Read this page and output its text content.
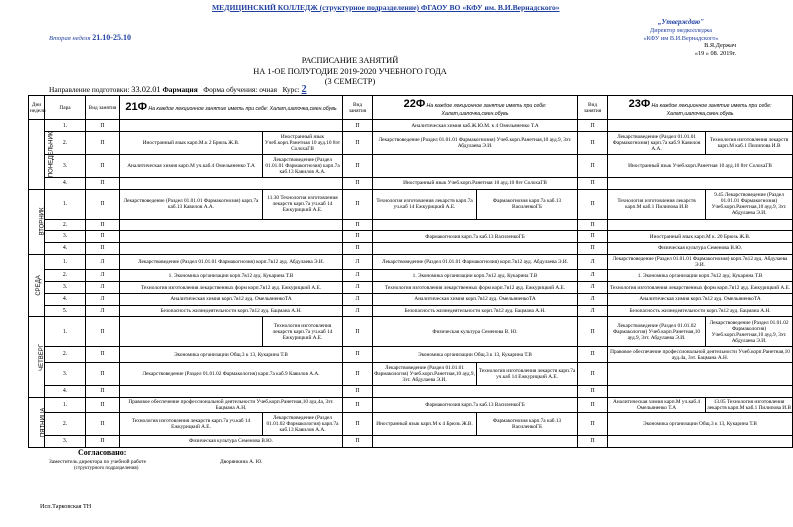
МЕДИЦИНСКИЙ КОЛЛЕДЖ (структурное подразделение) ФГАОУ ВО «КФУ им. В.И.Вернадского»
Вторая неделя 21.10-25.10
„Утверждаю"
Директор медколледжа
«КФУ им В.И.Вернадского»
В.Я.Держач
«19 » 08. 2019г.
РАСПИСАНИЕ ЗАНЯТИЙ
НА 1-ОЕ ПОЛУГОДИЕ 2019-2020 УЧЕБНОГО ГОДА (3 СЕМЕСТР)
Направление подготовки: 33.02.01 Фармация Форма обучения: очная Курс: 2
Дни недели	Пара	Вид занятия	21Ф На каждое лекционное занятие иметь при себе: Халат,шапочка,смен.обувь		Вид занятия	22Ф На каждое лекционное занятие иметь при себе: Халат,шапочка,смен.обувь		Вид занятия	23Ф На каждое лекционное занятие иметь при себе: Халат,шапочка,смен.обувь	
ПОНЕДЕЛЬНИК	1.	П			П	Аналитическая химия каб.Ж.Ю.М. к 4 Омельяненко Т.А		П		
	2.	П	Иностранный язык карп.М.к 2 Брюзь Ж.В.	Иностранный язык Учеб.корп.Ранетная 10 ауд.10 8эт СолохаГВ	П	Лекарствоведение (Раздел 01.01.01 Фармакогнозия) Учеб.корп.Ранетная,10 ауд.9, 3эт. Абдулаева Э.И.		П	Лекарствоведение (Раздел 01.01.01 Фармакогнозия) карп.7а каб.9 Кавилов А.А.	Технология изготовления лекарств карп.М каб.1 Пилипова И.В
	3.	П	Аналитическая химия карп.М уч.каб.4 Омельяненко Т.А	Лекарствоведение (Раздел 01.01.01 Фармакогнозия) карп.7а каб.13 Кавилов А.А.	П			П	Иностранный язык Учеб.корп.Ранетная 10 ауд.10 8эт СолохаГВ	
	4.	П			П	Иностранный язык Учеб.корп.Ранетная 10 ауд.10 8эт СолохаГВ		П		
ВТОРНИК	1.	П	Лекарствоведение (Раздел 01.01.01 Фармакогнозия) карп.7а каб.13 Кавилов А.А.	11.30 Технология изготовления лекарств карп.7а уч.каб 14 Ежкурицкий А.Е.	П	Технология изготовления лекарств карп.7а уч.каб 14 Ежкурицкий А.Е.	Фармакогнозия карп.7а каб.13 ВасиленкоГБ	П	Технология изготовления лекарств карп.М каб.1 Пилипова И.В	9.45 Лекарствоведение (Раздел 01.01.01 Фармакогнозия) Учеб.корп.Ранетная,10 ауд.9, 3эт. Абдулаева Э.И.
	2.	П			П			П		
	3.	П			П	Фармакогнозия карп.7а каб.13 ВасиленкоГБ		П	Иностранный язык карп.М к. 20 Брюзь Ж.В.	
	4.	П			П			П	Физическая культура Семенова В.Ю.	
СРЕДА	1.	Л	Лекарствоведение (Раздел 01.01.01 Фармакогнозия) корп.7в12 ауд. Абдулаева Э.И.		Л	Лекарствоведение (Раздел 01.01.01 Фармакогнозия) корп.7в12 ауд. Абдулаева Э.И.		Л	Лекарствоведение (Раздел 01.01.01 Фармакогнозия) корп.7в12 ауд. Абдулаева Э.И.	
	2.	Л	1. Экономика организации корп.7в12 ауд. Кукарина Т.В		Л	1. Экономика организации корп.7в12 ауд. Кукарина Т.В		Л	1. Экономика организации корп.7в12 ауд. Кукарина Т.В	
	3.	Л	Технология изготовления лекарственных форм корп.7в12 ауд. Ежкурицкий А.Е.		Л	Технология изготовления лекарственных форм корп.7в12 ауд. Ежкурицкий А.Е.		Л	Технология изготовления лекарственных форм корп.7в12 ауд. Ежкурицкий А.Е.	
	4.	Л	Аналитическая химия корп.7в12 ауд. ОмельяненкоТА		Л	Аналитическая химия корп.7в12 ауд. ОмельяненкоТА		Л	Аналитическая химия корп.7в12 ауд. ОмельяненкоТА	
	5.	Л	Безопасность жизнедеятельности корп.7в12 ауд. Бацмана А.Н.		Л	Безопасность жизнедеятельности корп.7в12 ауд. Бацмана А.Н.		Л	Безопасность жизнедеятельности корп.7в12 ауд. Бацмана А.Н.	
ЧЕТВЕРГ	1.	П		Технология изготовления лекарств карп.7а уч.каб 14 Ежкурицкий А.Е.	П	Физическая культура Семенова В. Ю.		П	Лекарствоведение (Раздел 01.01.02 Фармакология) Учеб.корп.Ранетная,10 ауд.9, 3эт. Абдулаева Э.И.	Лекарствоведение (Раздел 01.01.02 Фармакология) Учеб.корп.Ранетная,10 ауд.9, 3эт. Абдулаева Э.И.
	2.	П	Экономика организации Общ.3 к 13, Кукарина Т.В		П	Экономика организации Общ.3 к 13, Кукарина Т.В		П	Правовое обеспечение профессиональной деятельности Учеб.корп.Ранетная,10 ауд.4а, 3эт. Бацмана А.Н.	
	3.	П	Лекарствоведение (Раздел 01.01.02 Фармакология) карп.7а каб.9 Кавилов А.А.		П	Лекарствоведение (Раздел 01.01.01 Фармакология) Учеб.корп.Ранетная,10 ауд.9, 3эт. Абдулаева Э.И.	Технология изготовления лекарств карп.7а уч.каб 14 Ежкурицкий А.Е.	П		
	4.	П			П			П		
ПЯТНИЦА	1.	П	Правовое обеспечение профессиональной деятельности Учеб.корп.Ранетная,10 ауд.4а, 3эт. Бацмана А.Н.		П	Фармакогнозия карп.7а каб.13 ВасиленкоГБ		П	Аналитическая химия карп.М уч.каб.4 Омельяненко Т.А	13.05 Технология изготовления лекарств карп.М каб.1 Пилипова И.В
	2.	П	Технология изготовления лекарств карп.7а уч.каб 14 Ежкурицкий А.Е.	Лекарствоведение (Раздел 01.01.02 Фармакология) карп.7а каб.13 Кавилов А.А.	П	Иностранный язык карп.М к 4 Брюзь Ж.В.	Фармакогнозия карп.7а каб.13 ВасиленкоГБ	П	Экономика организации Общ.3 к 13, Кукарина Т.В	
	3.	П	Физическая культура Семенова В.Ю.		П			П		
Согласовано:
Заместитель директора по учебной работе
(структурного подразделения)
Дворянкина А. Ю.
Исп.Тарковская ТН
